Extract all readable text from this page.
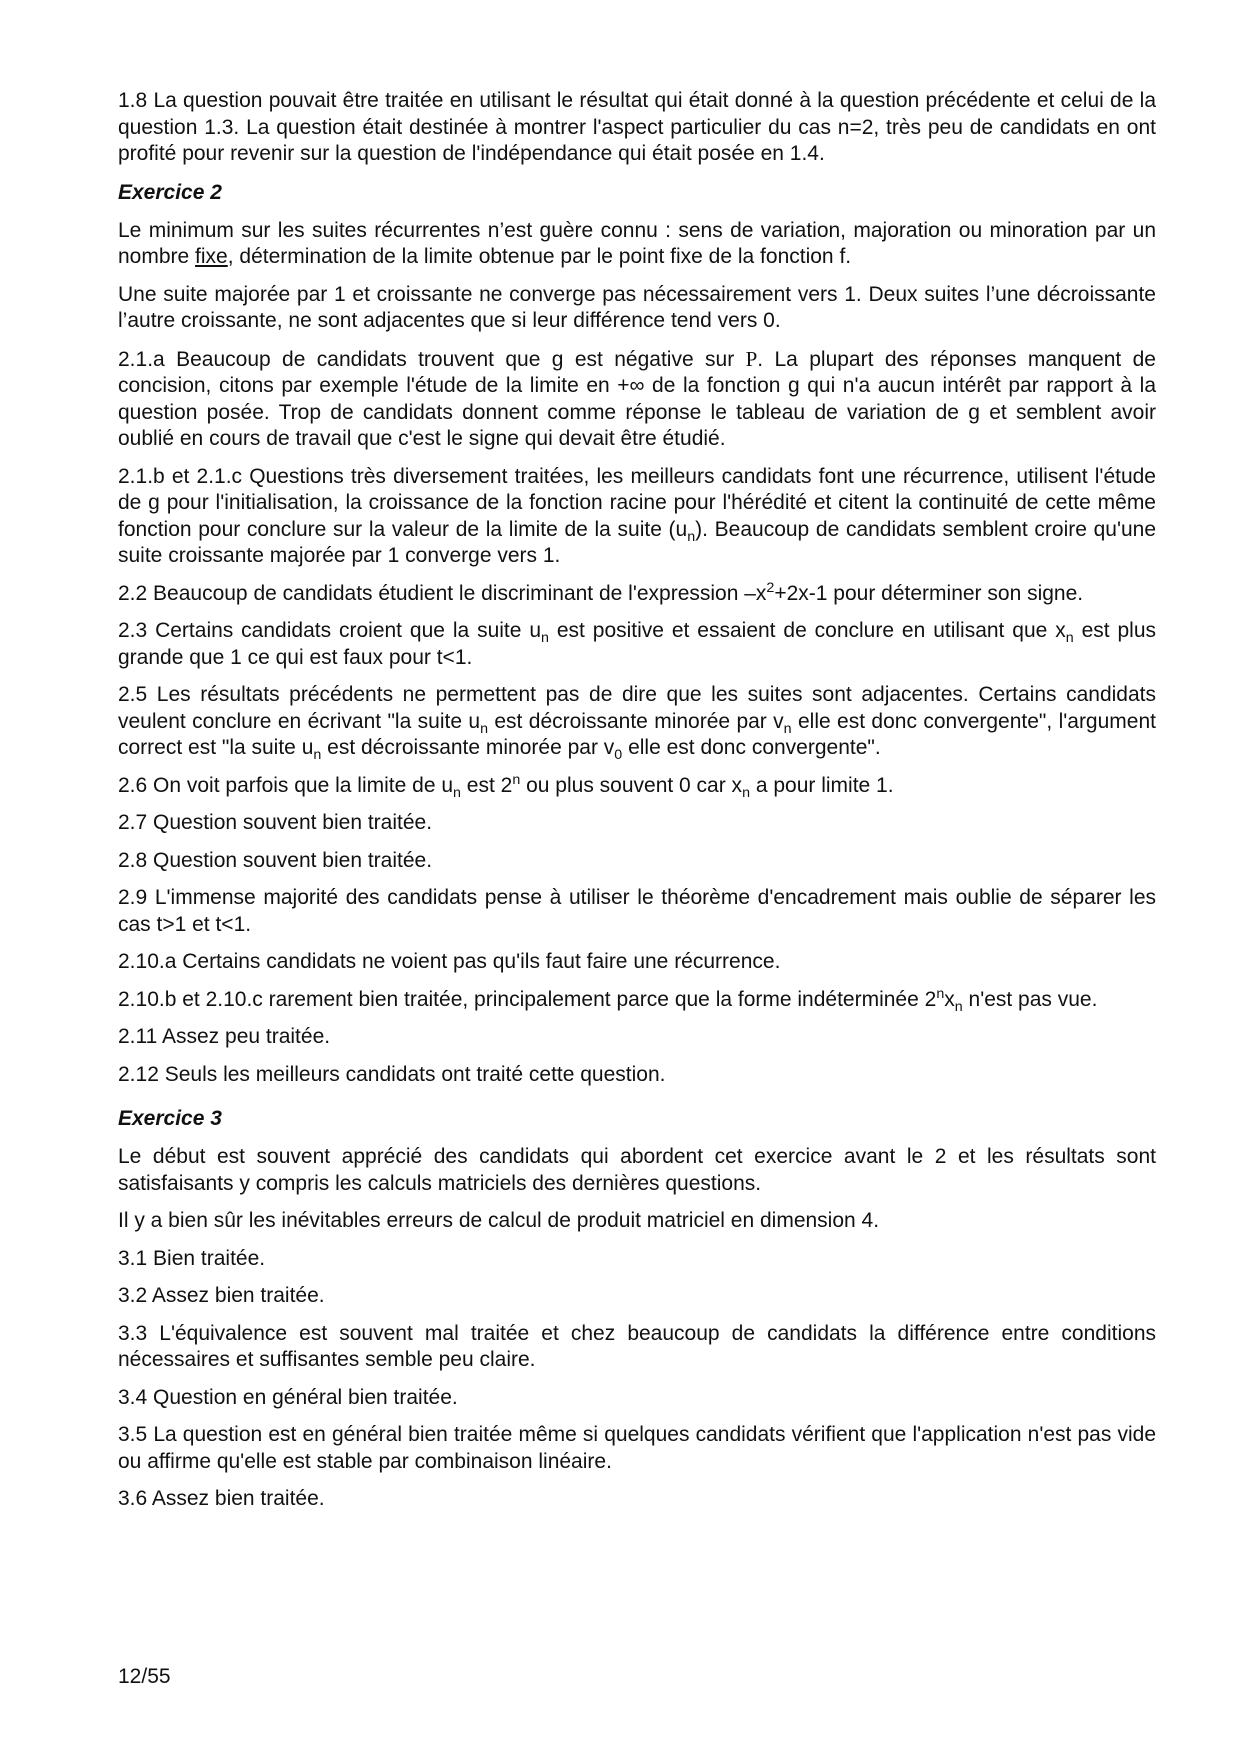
1.8 La question pouvait être traitée en utilisant le résultat qui était donné à la question précédente et celui de la question 1.3. La question était destinée à montrer l'aspect particulier du cas n=2, très peu de candidats en ont profité pour revenir sur la question de l'indépendance qui était posée en 1.4.

Exercice 2

Le minimum sur les suites récurrentes n’est guère connu : sens de variation, majoration ou minoration par un nombre fixe, détermination de la limite obtenue par le point fixe de la fonction f.

Une suite majorée par 1 et croissante ne converge pas nécessairement vers 1. Deux suites l’une décroissante l’autre croissante, ne sont adjacentes que si leur différence tend vers 0.

2.1.a Beaucoup de candidats trouvent que g est négative sur P. La plupart des réponses manquent de concision, citons par exemple l'étude de la limite en +∞ de la fonction g qui n'a aucun intérêt par rapport à la question posée. Trop de candidats donnent comme réponse le tableau de variation de g et semblent avoir oublié en cours de travail que c'est le signe qui devait être étudié.

2.1.b et 2.1.c Questions très diversement traitées, les meilleurs candidats font une récurrence, utilisent l'étude de g pour l'initialisation, la croissance de la fonction racine pour l'hérédité et citent la continuité de cette même fonction pour conclure sur la valeur de la limite de la suite $(u_n)$. Beaucoup de candidats semblent croire qu'une suite croissante majorée par 1 converge vers 1.

2.2 Beaucoup de candidats étudient le discriminant de l'expression $-x^2+2x-1$ pour déterminer son signe.

2.3 Certains candidats croient que la suite $u_n$ est positive et essaient de conclure en utilisant que $x_n$ est plus grande que 1 ce qui est faux pour t<1.

2.5 Les résultats précédents ne permettent pas de dire que les suites sont adjacentes. Certains candidats veulent conclure en écrivant "la suite $u_n$ est décroissante minorée par $v_n$ elle est donc convergente", l'argument correct est "la suite $u_n$ est décroissante minorée par $v_0$ elle est donc convergente".

2.6 On voit parfois que la limite de $u_n$ est 2$^n$ ou plus souvent 0 car $x_n$ a pour limite 1.

2.7 Question souvent bien traitée.

2.8 Question souvent bien traitée.

2.9 L'immense majorité des candidats pense à utiliser le théorème d'encadrement mais oublie de séparer les cas t>1 et t<1.

2.10.a Certains candidats ne voient pas qu'ils faut faire une récurrence.

2.10.b et 2.10.c rarement bien traitée, principalement parce que la forme indéterminée $2^nx_n$ n'est pas vue.

2.11 Assez peu traitée.

2.12 Seuls les meilleurs candidats ont traité cette question.

Exercice 3

Le début est souvent apprécié des candidats qui abordent cet exercice avant le 2 et les résultats sont satisfaisants y compris les calculs matriciels des dernières questions.

Il y a bien sûr les inévitables erreurs de calcul de produit matriciel en dimension 4.

3.1 Bien traitée.

3.2 Assez bien traitée.

3.3 L'équivalence est souvent mal traitée et chez beaucoup de candidats la différence entre conditions nécessaires et suffisantes semble peu claire.

3.4 Question en général bien traitée.

3.5 La question est en général bien traitée même si quelques candidats vérifient que l'application n'est pas vide ou affirme qu'elle est stable par combinaison linéaire.

3.6 Assez bien traitée.

12/55
